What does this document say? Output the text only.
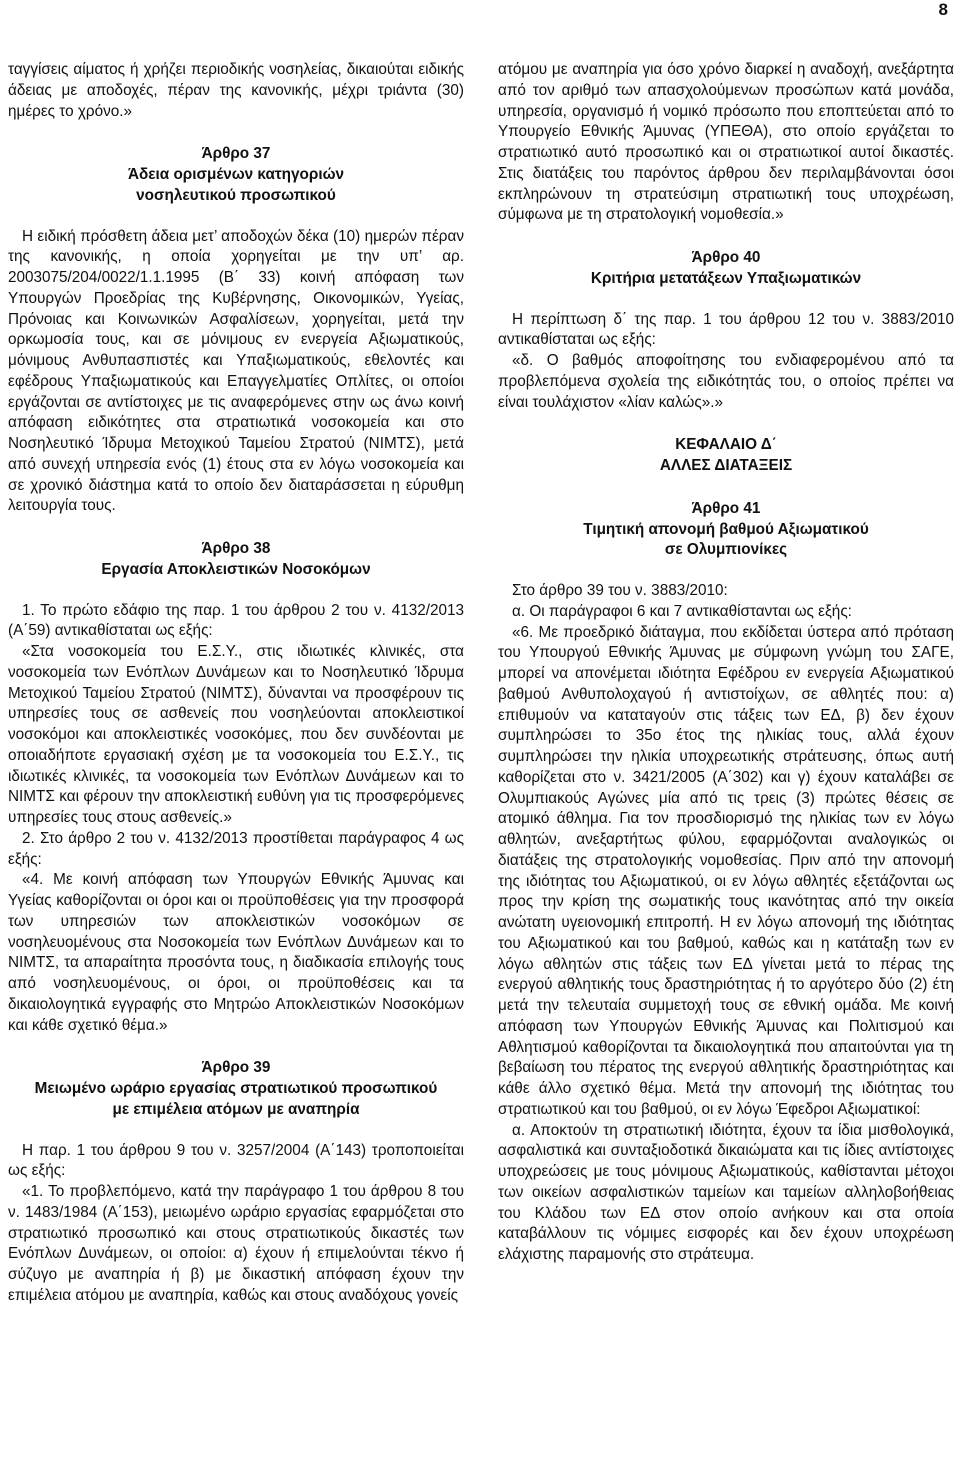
8

ταγγίσεις αίματος ή χρήζει περιοδικής νοσηλείας, δικαιούται ειδικής άδειας με αποδοχές, πέραν της κανονικής, μέχρι τριάντα (30) ημέρες το χρόνο.»

Άρθρο 37

Άδεια ορισμένων κατηγοριών

νοσηλευτικού προσωπικού

Η ειδική πρόσθετη άδεια μετ’ αποδοχών δέκα (10) ημερών πέραν της κανονικής, η οποία χορηγείται με την υπ’ αρ. 2003075/204/0022/1.1.1995 (Β΄ 33) κοινή απόφαση των Υπουργών Προεδρίας της Κυβέρνησης, Οικονομικών, Υγείας, Πρόνοιας και Κοινωνικών Ασφαλίσεων, χορηγείται, μετά την ορκωμοσία τους, και σε μόνιμους εν ενεργεία Αξιωματικούς, μόνιμους Ανθυπασπιστές και Υπαξιωματικούς, εθελοντές και εφέδρους Υπαξιωματικούς και Επαγγελματίες Οπλίτες, οι οποίοι εργάζονται σε αντίστοιχες με τις αναφερόμενες στην ως άνω κοινή απόφαση ειδικότητες στα στρατιωτικά νοσοκομεία και στο Νοσηλευτικό Ίδρυμα Μετοχικού Ταμείου Στρατού (ΝΙΜΤΣ), μετά από συνεχή υπηρεσία ενός (1) έτους στα εν λόγω νοσοκομεία και σε χρονικό διάστημα κατά το οποίο δεν διαταράσσεται η εύρυθμη λειτουργία τους.

Άρθρο 38

Εργασία Αποκλειστικών Νοσοκόμων

1. Το πρώτο εδάφιο της παρ. 1 του άρθρου 2 του ν. 4132/2013 (Α΄59) αντικαθίσταται ως εξής:

«Στα νοσοκομεία του Ε.Σ.Υ., στις ιδιωτικές κλινικές, στα νοσοκομεία των Ενόπλων Δυνάμεων και το Νοσηλευτικό Ίδρυμα Μετοχικού Ταμείου Στρατού (ΝΙΜΤΣ), δύνανται να προσφέρουν τις υπηρεσίες τους σε ασθενείς που νοσηλεύονται αποκλειστικοί νοσοκόμοι και αποκλειστικές νοσοκόμες, που δεν συνδέονται με οποιαδήποτε εργασιακή σχέση με τα νοσοκομεία του Ε.Σ.Υ., τις ιδιωτικές κλινικές, τα νοσοκομεία των Ενόπλων Δυνάμεων και το ΝΙΜΤΣ και φέρουν την αποκλειστική ευθύνη για τις προσφερόμενες υπηρεσίες τους στους ασθενείς.»

2. Στο άρθρο 2 του ν. 4132/2013 προστίθεται παράγραφος 4 ως εξής:

«4. Με κοινή απόφαση των Υπουργών Εθνικής Άμυνας και Υγείας καθορίζονται οι όροι και οι προϋποθέσεις για την προσφορά των υπηρεσιών των αποκλειστικών νοσοκόμων σε νοσηλευομένους στα Νοσοκομεία των Ενόπλων Δυνάμεων και το ΝΙΜΤΣ, τα απαραίτητα προσόντα τους, η διαδικασία επιλογής τους από νοσηλευομένους, οι όροι, οι προϋποθέσεις και τα δικαιολογητικά εγγραφής στο Μητρώο Αποκλειστικών Νοσοκόμων και κάθε σχετικό θέμα.»

Άρθρο 39

Μειωμένο ωράριο εργασίας στρατιωτικού προσωπικού

με επιμέλεια ατόμων με αναπηρία

Η παρ. 1 του άρθρου 9 του ν. 3257/2004 (Α΄143) τροποποιείται ως εξής:

«1. Το προβλεπόμενο, κατά την παράγραφο 1 του άρθρου 8 του ν. 1483/1984 (Α΄153), μειωμένο ωράριο εργασίας εφαρμόζεται στο στρατιωτικό προσωπικό και στους στρατιωτικούς δικαστές των Ενόπλων Δυνάμεων, οι οποίοι: α) έχουν ή επιμελούνται τέκνο ή σύζυγο με αναπηρία ή β) με δικαστική απόφαση έχουν την επιμέλεια ατόμου με αναπηρία, καθώς και στους αναδόχους γονείς

ατόμου με αναπηρία για όσο χρόνο διαρκεί η αναδοχή, ανεξάρτητα από τον αριθμό των απασχολούμενων προσώπων κατά μονάδα, υπηρεσία, οργανισμό ή νομικό πρόσωπο που εποπτεύεται από το Υπουργείο Εθνικής Άμυνας (ΥΠΕΘΑ), στο οποίο εργάζεται το στρατιωτικό αυτό προσωπικό και οι στρατιωτικοί αυτοί δικαστές. Στις διατάξεις του παρόντος άρθρου δεν περιλαμβάνονται όσοι εκπληρώνουν τη στρατεύσιμη στρατιωτική τους υποχρέωση, σύμφωνα με τη στρατολογική νομοθεσία.»

Άρθρο 40

Κριτήρια μετατάξεων Υπαξιωματικών

Η περίπτωση δ΄ της παρ. 1 του άρθρου 12 του ν. 3883/2010 αντικαθίσταται ως εξής:

«δ. Ο βαθμός αποφοίτησης του ενδιαφερομένου από τα προβλεπόμενα σχολεία της ειδικότητάς του, ο οποίος πρέπει να είναι τουλάχιστον «λίαν καλώς».»

ΚΕΦΑΛΑΙΟ Δ΄

ΑΛΛΕΣ ΔΙΑΤΑΞΕΙΣ

Άρθρο 41

Τιμητική απονομή βαθμού Αξιωματικού

σε Ολυμπιονίκες

Στο άρθρο 39 του ν. 3883/2010:

α. Οι παράγραφοι 6 και 7 αντικαθίστανται ως εξής:

«6. Με προεδρικό διάταγμα, που εκδίδεται ύστερα από πρόταση του Υπουργού Εθνικής Άμυνας με σύμφωνη γνώμη του ΣΑΓΕ, μπορεί να απονέμεται ιδιότητα Εφέδρου εν ενεργεία Αξιωματικού βαθμού Ανθυπολοχαγού ή αντιστοίχων, σε αθλητές που: α) επιθυμούν να καταταγούν στις τάξεις των ΕΔ, β) δεν έχουν συμπληρώσει το 35ο έτος της ηλικίας τους, αλλά έχουν συμπληρώσει την ηλικία υποχρεωτικής στράτευσης, όπως αυτή καθορίζεται στο ν. 3421/2005 (Α΄302) και γ) έχουν καταλάβει σε Ολυμπιακούς Αγώνες μία από τις τρεις (3) πρώτες θέσεις σε ατομικό άθλημα. Για τον προσδιορισμό της ηλικίας των εν λόγω αθλητών, ανεξαρτήτως φύλου, εφαρμόζονται αναλογικώς οι διατάξεις της στρατολογικής νομοθεσίας. Πριν από την απονομή της ιδιότητας του Αξιωματικού, οι εν λόγω αθλητές εξετάζονται ως προς την κρίση της σωματικής τους ικανότητας από την οικεία ανώτατη υγειονομική επιτροπή. Η εν λόγω απονομή της ιδιότητας του Αξιωματικού και του βαθμού, καθώς και η κατάταξη των εν λόγω αθλητών στις τάξεις των ΕΔ γίνεται μετά το πέρας της ενεργού αθλητικής τους δραστηριότητας ή το αργότερο δύο (2) έτη μετά την τελευταία συμμετοχή τους σε εθνική ομάδα. Με κοινή απόφαση των Υπουργών Εθνικής Άμυνας και Πολιτισμού και Αθλητισμού καθορίζονται τα δικαιολογητικά που απαιτούνται για τη βεβαίωση του πέρατος της ενεργού αθλητικής δραστηριότητας και κάθε άλλο σχετικό θέμα. Μετά την απονομή της ιδιότητας του στρατιωτικού και του βαθμού, οι εν λόγω Έφεδροι Αξιωματικοί:

α. Αποκτούν τη στρατιωτική ιδιότητα, έχουν τα ίδια μισθολογικά, ασφαλιστικά και συνταξιοδοτικά δικαιώματα και τις ίδιες αντίστοιχες υποχρεώσεις με τους μόνιμους Αξιωματικούς, καθίστανται μέτοχοι των οικείων ασφαλιστικών ταμείων και ταμείων αλληλοβοήθειας του Κλάδου των ΕΔ στον οποίο ανήκουν και στα οποία καταβάλλουν τις νόμιμες εισφορές και δεν έχουν υποχρέωση ελάχιστης παραμονής στο στράτευμα.
